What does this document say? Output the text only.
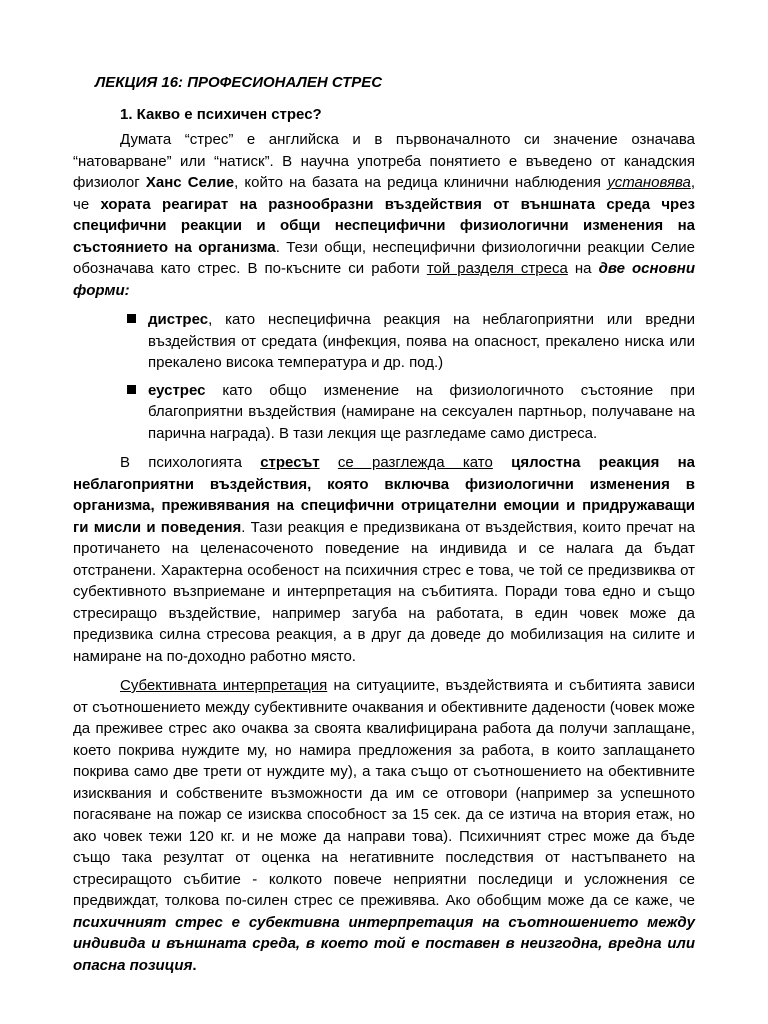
ЛЕКЦИЯ 16: ПРОФЕСИОНАЛЕН СТРЕС
1. Какво е психичен стрес?

Думата “стрес” е английска и в първоначалното си значение означава “натоварване” или “натиск”. В научна употреба понятието е въведено от канадския физиолог Ханс Селие, който на базата на редица клинични наблюдения установява, че хората реагират на разнообразни въздействия от външната среда чрез специфични реакции и общи неспецифични физиологични изменения на състоянието на организма. Тези общи, неспецифични физиологични реакции Селие обозначава като стрес. В по-късните си работи той разделя стреса на две основни форми:

дистрес, като неспецифична реакция на неблагоприятни или вредни въздействия от средата (инфекция, поява на опасност, прекалено ниска или прекалено висока температура и др. под.)
еустрес като общо изменение на физиологичното състояние при благоприятни въздействия (намиране на сексуален партньор, получаване на парична награда). В тази лекция ще разгледаме само дистреса.

В психологията стресът се разглежда като цялостна реакция на неблагоприятни въздействия, която включва физиологични изменения в организма, преживявания на специфични отрицателни емоции и придружаващи ги мисли и поведения. Тази реакция е предизвикана от въздействия, които пречат на протичането на целенасоченото поведение на индивида и се налага да бъдат отстранени. Характерна особеност на психичния стрес е това, че той се предизвиква от субективното възприемане и интерпретация на събитията. Поради това едно и също стресиращо въздействие, например загуба на работата, в един човек може да предизвика силна стресова реакция, а в друг да доведе до мобилизация на силите и намиране на по-доходно работно място.

Субективната интерпретация на ситуациите, въздействията и събитията зависи от съотношението между субективните очаквания и обективните дадености (човек може да преживее стрес ако очаква за своята квалифицирана работа да получи заплащане, което покрива нуждите му, но намира предложения за работа, в които заплащането покрива само две трети от нуждите му), а така също от съотношението на обективните изисквания и собствените възможности да им се отговори (например за успешното погасяване на пожар се изисква способност за 15 сек. да се изтича на втория етаж, но ако човек тежи 120 кг. и не може да направи това). Психичният стрес може да бъде също така резултат от оценка на негативните последствия от настъпването на стресиращото събитие - колкото повече неприятни последици и усложнения се предвиждат, толкова по-силен стрес се преживява. Ако обобщим може да се каже, че психичният стрес е субективна интерпретация на съотношението между индивида и външната среда, в което той е поставен в неизгодна, вредна или опасна позиция.
